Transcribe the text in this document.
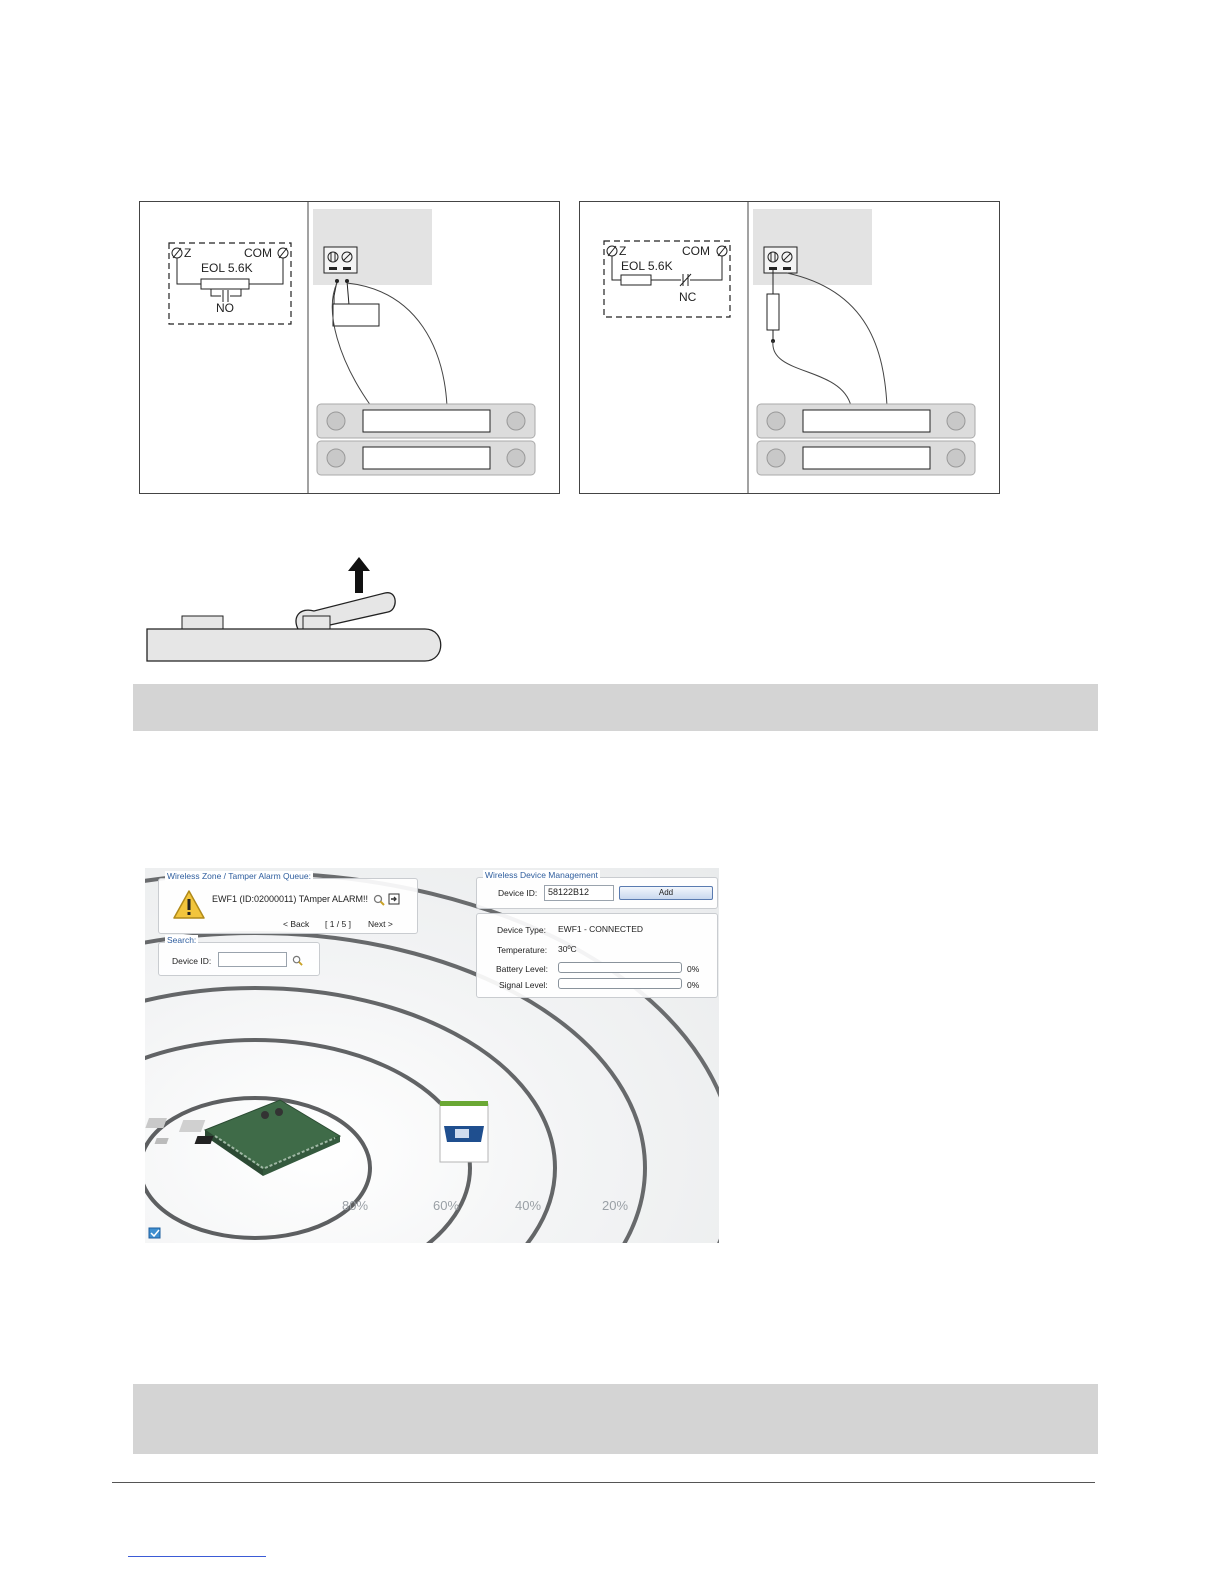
Z	COM
EOL 5.6K
NO
Z	COM
EOL 5.6K
NC
80%	60%	40%	20%
Wireless Zone / Tamper Alarm Queue:
EWF1 (ID:02000011) TAmper ALARM!!
< Back [ 1 / 5 ] Next >
Search:
Device ID:
Wireless Device Management
Device ID:	58122B12	Add
Device Type: EWF1 - CONNECTED
Temperature: 30ºC
Battery Level:	0%
Signal Level:	0%
